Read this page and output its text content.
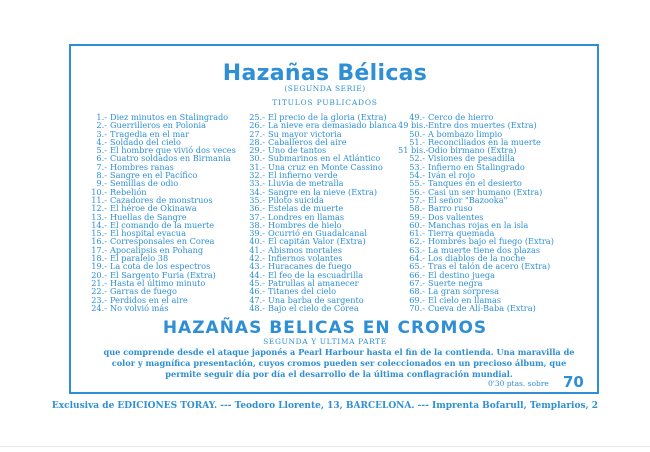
Hazañas Bélicas
(SEGUNDA SERIE)
TITULOS PUBLICADOS
1.- Diez minutos en Stalingrado
2.- Guerrilleros en Polonia
3.- Tragedia en el mar
4.- Soldado del cielo
5.- El hombre que vivió dos veces
6.- Cuatro soldados en Birmania
7.- Hombres ranas
8.- Sangre en el Pacífico
9.- Semillas de odio
10.- Rebelión
11.- Cazadores de monstruos
12.- El héroe de Okinawa
13.- Huellas de Sangre
14.- El comando de la muerte
15.- El hospital evacua
16.- Corresponsales en Corea
17.- Apocalipsis en Pohang
18.- El paralelo 38
19.- La cota de los espectros
20.- El Sargento Furia (Extra)
21.- Hasta el último minuto
22.- Garras de fuego
23.- Perdidos en el aire
24.- No volvió más
25.- El precio de la gloria (Extra)
26.- La nieve era demasiado blanca
27.- Su mayor victoria
28.- Caballeros del aire
29.- Uno de tantos
30.- Submarinos en el Atlántico
31.- Una cruz en Monte Cassino
32.- El infierno verde
33.- Lluvia de metralla
34.- Sangre en la nieve (Extra)
35.- Piloto suicida
36.- Estelas de muerte
37.- Londres en llamas
38.- Hombres de hielo
39.- Ocurrió en Guadalcanal
40.- El capitán Valor (Extra)
41.- Abismos mortales
42.- Infiernos volantes
43.- Huracanes de fuego
44.- El feo de la escuadrilla
45.- Patrullas al amanecer
46.- Titanes del cielo
47.- Una barba de sargento
48.- Bajo el cielo de Corea
49.- Cerco de hierro
49 bis.- Entre dos muertes (Extra)
50.- A bombazo limpio
51.- Reconciliados en la muerte
51 bis.- Odio birmano (Extra)
52.- Visiones de pesadilla
53.- Infierno en Stalingrado
54.- Iván el rojo
55.- Tanques en el desierto
56.- Casi un ser humano (Extra)
57.- El señor "Bazooka"
58.- Barro ruso
59.- Dos valientes
60.- Manchas rojas en la isla
61.- Tierra quemada
62.- Hombres bajo el fuego (Extra)
63.- La muerte tiene dos plazas
64.- Los diablos de la noche
65.- Tras el talón de acero (Extra)
66.- El destino juega
67.- Suerte negra
68.- La gran sorpresa
69.- El cielo en llamas
70.- Cueva de Alí-Baba (Extra)
HAZAÑAS BELICAS EN CROMOS
SEGUNDA Y ULTIMA PARTE
que comprende desde el ataque japonés a Pearl Harbour hasta el fin de la contienda. Una maravilla de color y magnífica presentación, cuyos cromos pueden ser coleccionados en un precioso álbum, que permite seguir día por día el desarrollo de la última conflagración mundial.
0'30 ptas. sobre 70
Exclusiva de EDICIONES TORAY. --- Teodoro Llorente, 13, BARCELONA. --- Imprenta Bofarull, Templarios, 2
